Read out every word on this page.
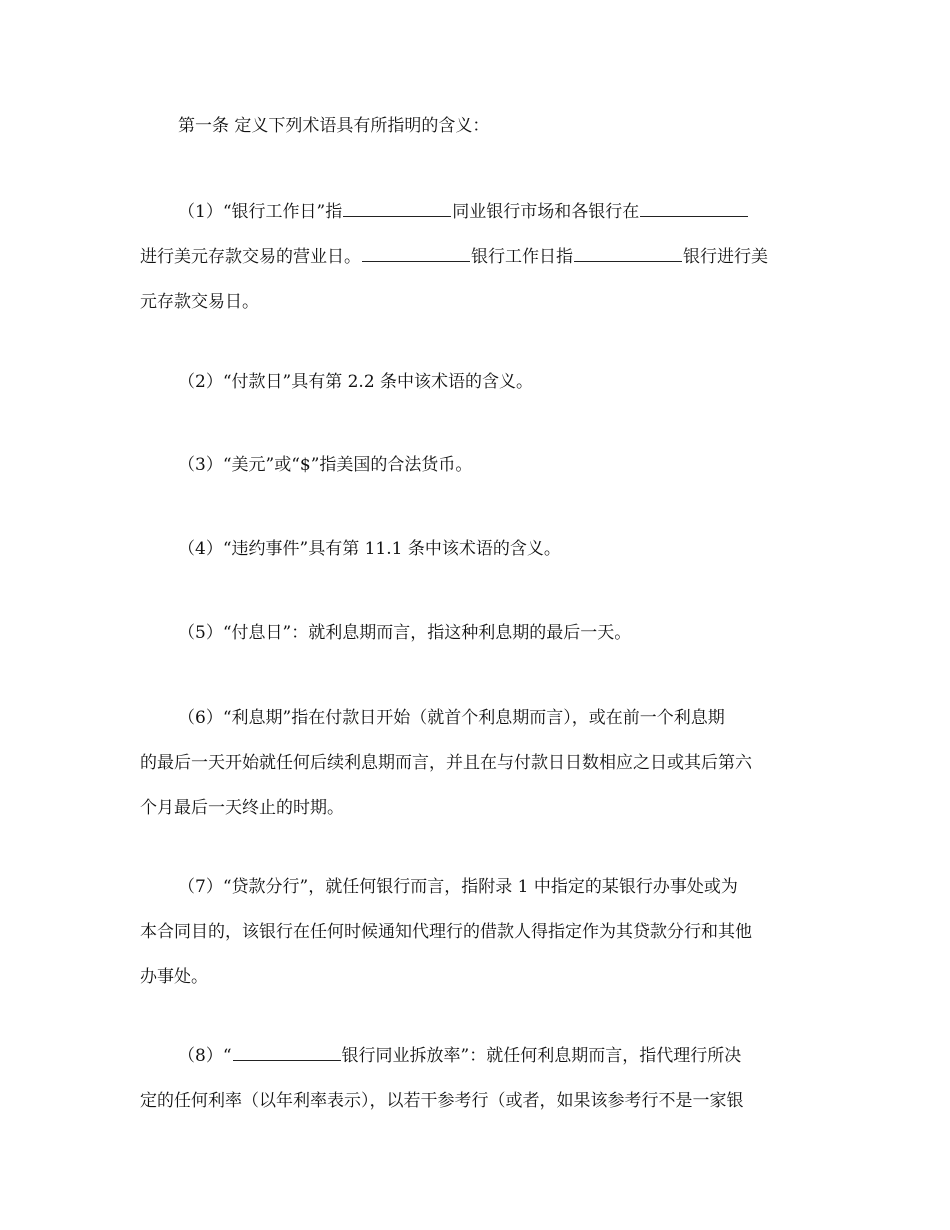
第一条 定义下列术语具有所指明的含义：
（1）“银行工作日”指	同业银行市场和各银行在
进行美元存款交易的营业日。	银行工作日指	银行进行美
元存款交易日。
（2）“付款日”具有第 2.2 条中该术语的含义。
（3）“美元”或“$”指美国的合法货币。
（4）“违约事件”具有第 11.1 条中该术语的含义。
（5）“付息日”：就利息期而言，指这种利息期的最后一天。
（6）“利息期”指在付款日开始（就首个利息期而言），或在前一个利息期
的最后一天开始就任何后续利息期而言，并且在与付款日日数相应之日或其后第六
个月最后一天终止的时期。
（7）“贷款分行”，就任何银行而言，指附录 1 中指定的某银行办事处或为
本合同目的，该银行在任何时候通知代理行的借款人得指定作为其贷款分行和其他
办事处。
（8）“	银行同业拆放率”：就任何利息期而言，指代理行所决
定的任何利率（以年利率表示），以若干参考行（或者，如果该参考行不是一家银
